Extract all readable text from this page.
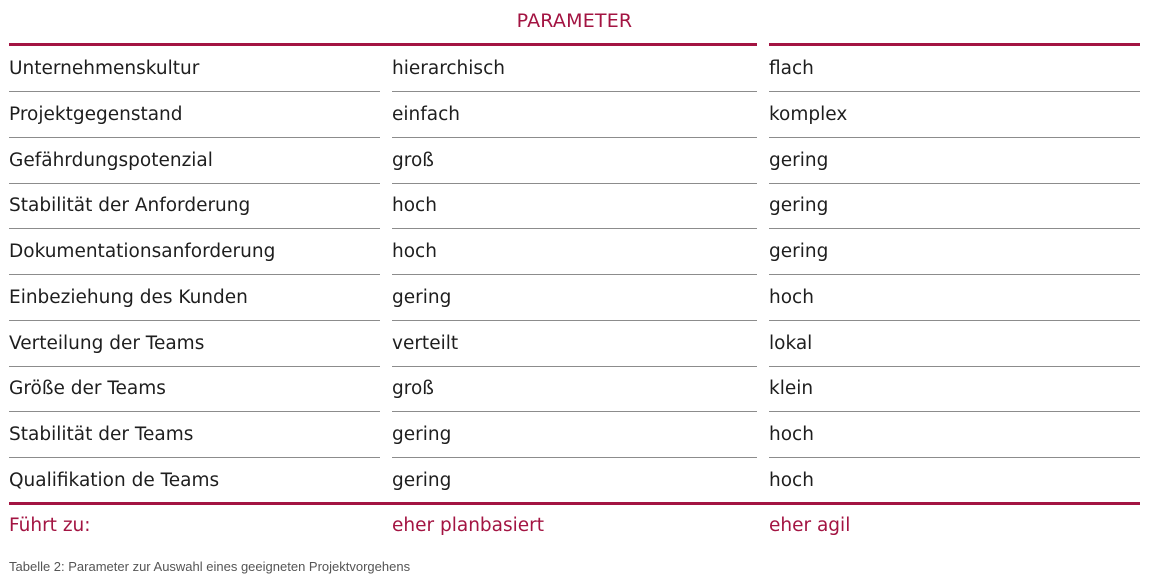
PARAMETER
Unternehmenskultur	hierarchisch	flach
Projektgegenstand	einfach	komplex
Gefährdungspotenzial	groß	gering
Stabilität der Anforderung	hoch	gering
Dokumentationsanforderung	hoch	gering
Einbeziehung des Kunden	gering	hoch
Verteilung der Teams	verteilt	lokal
Größe der Teams	groß	klein
Stabilität der Teams	gering	hoch
Qualifikation de Teams	gering	hoch
Führt zu:	eher planbasiert	eher agil
Tabelle 2: Parameter zur Auswahl eines geeigneten Projektvorgehens
